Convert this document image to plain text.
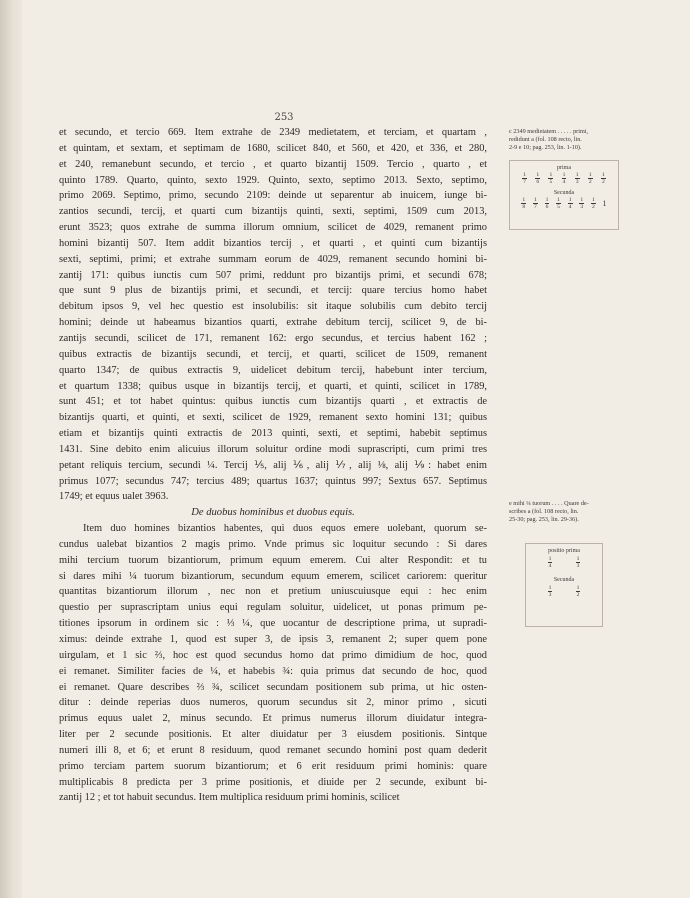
253
et secundo, et tercio 669. Item extrahe de 2349 medietatem, et terciam, et quartam ,
et quintam, et sextam, et septimam de 1680, scilicet 840, et 560, et 420, et 336, et 280,
et 240, remanebunt secundo, et tercio , et quarto bizantij 1509. Tercio , quarto , et
quinto 1789. Quarto, quinto, sexto 1929. Quinto, sexto, septimo 2013. Sexto, septimo,
primo 2069. Septimo, primo, secundo 2109: deinde ut separentur ab inuicem, iunge bi-
zantios secundi, tercij, et quarti cum bizantijs quinti, sexti, septimi, 1509 cum 2013,
erunt 3523; quos extrahe de summa illorum omnium, scilicet de 4029, remanent primo
homini bizantij 507. Item addit bizantios tercij , et quarti , et quinti cum bizantijs
sexti, septimi, primi; et extrahe summam eorum de 4029, remanent secundo homini bi-
zantij 171: quibus iunctis cum 507 primi, reddunt pro bizantijs primi, et secundi 678;
que sunt 9 plus de bizantijs primi, et secundi, et tercij: quare tercius homo habet
debitum ipsos 9, vel hec questio est insolubilis: sit itaque solubilis cum debito tercij
homini; deinde ut habeamus bizantios quarti, extrahe debitum tercij, scilicet 9, de bi-
zantijs secundi, scilicet de 171, remanent 162: ergo secundus, et tercius habent 162 ;
quibus extractis de bizantijs secundi, et tercij, et quarti, scilicet de 1509, remanent
quarto 1347; de quibus extractis 9, uidelicet debitum tercij, habebunt inter tercium,
et quartum 1338; quibus usque in bizantijs tercij, et quarti, et quinti, scilicet in 1789,
sunt 451; et tot habet quintus: quibus iunctis cum bizantijs quarti , et extractis de
bizantijs quarti, et quinti, et sexti, scilicet de 1929, remanent sexto homini 131; quibus
etiam et bizantijs quinti extractis de 2013 quinti, sexti, et septimi, habebit septimus
1431. Sine debito enim alicuius illorum soluitur ordine modi suprascripti, cum primi tres
petant reliquis tercium, secundi ¼. Tercij ⅕, alij ⅙, alij ⅐, alij ⅛, alij ⅑: habet enim
primus 1077; secundus 747; tercius 489; quartus 1637; quintus 997; Sextus 657. Septimus
1749; et equus ualet 3963.
De duobus hominibus et duobus equis.
Item duo homines bizantios habentes, qui duos equos emere uolebant, quorum se-
cundus ualebat bizantios 2 magis primo. Vnde primus sic loquitur secundo : Si dares
mihi tercium tuorum bizantiorum, primum equum emerem. Cui alter Respondit: et tu
si dares mihi ¼ tuorum bizantiorum, secundum equum emerem, scilicet cariorem: queritur
quantitas bizantiorum illorum , nec non et pretium uniuscuiusque equi : hec enim
questio per suprascriptam unius equi regulam soluitur, uidelicet, ut ponas primum pe-
titiones ipsorum in ordinem sic : ⅓ ¼, que uocantur de descriptione prima, ut supradi-
ximus: deinde extrahe 1, quod est super 3, de ipsis 3, remanent 2; super quem pone
uirgulam, et 1 sic ⅔, hoc est quod secundus homo dat primo dimidium de hoc, quod
ei remanet. Similiter facies de ¼, et habebis ¾: quia primus dat secundo de hoc, quod
ei remanet. Quare describes ⅔ ¾, scilicet secundam positionem sub prima, ut hic osten-
ditur : deinde reperias duos numeros, quorum secundus sit 2, minor primo , sicuti
primus equus ualet 2, minus secundo. Et primus numerus illorum diuidatur integra-
liter per 2 secunde positionis. Et alter diuidatur per 3 eiusdem positionis. Sintque
numeri illi 8, et 6; et erunt 8 residuum, quod remanet secundo homini post quam dederit
primo terciam partem suorum bizantiorum; et 6 erit residuum primi hominis: quare
multiplicabis 8 predicta per 3 prime positionis, et diuide per 2 secunde, exibunt bi-
zantij 12 ; et tot habuit secundus. Item multiplica residuum primi hominis, scilicet
c 2349 medietatem . . . . . primi,
redidunt a (fol. 108 recto, lin.
2-9 e 10; pag. 253, lin. 1-10).
prima
$\frac{1}{7} \frac{1}{6} \frac{1}{5} \frac{1}{4} \frac{1}{3} \frac{1}{2} \frac{1}{2}$
Secunda
$\frac{1}{8} \frac{1}{7} \frac{1}{6} \frac{1}{5} \frac{1}{4} \frac{1}{3} \frac{1}{2} 1$
e mihi ¼ tuorum . . . . Quare de-
scribes a (fol. 108 recto, lin.
25-30; pag. 253, lin. 29-36).
positio prima
$\frac{1}{4}$	$\frac{1}{3}$
Secunda
$\frac{1}{3}$	$\frac{1}{2}$
